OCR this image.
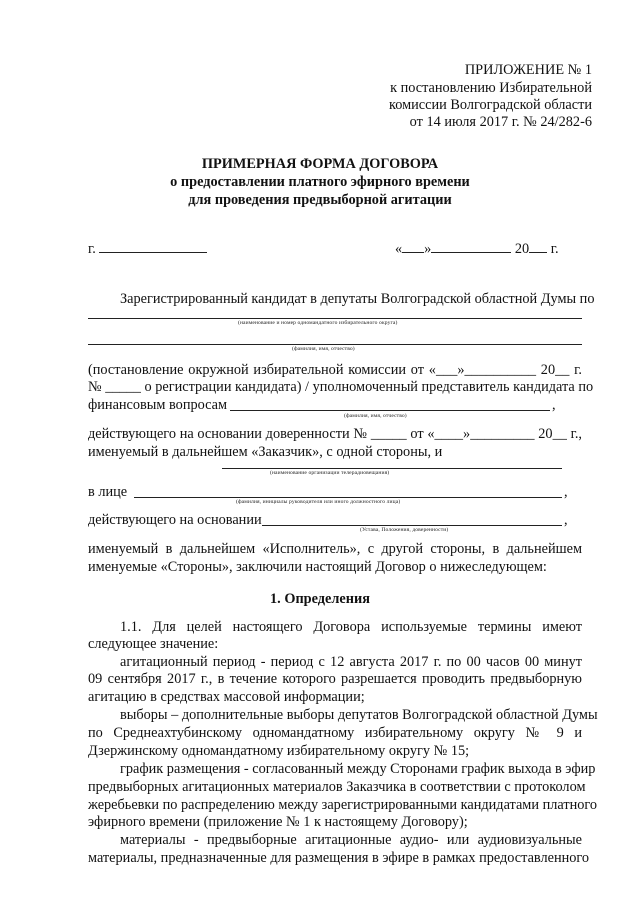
ПРИЛОЖЕНИЕ № 1
к постановлению Избирательной
комиссии Волгоградской области
от 14 июля 2017 г. № 24/282-6
ПРИМЕРНАЯ ФОРМА ДОГОВОРА
о предоставлении платного эфирного времени
для проведения предвыборной агитации
г.	« »	20 г.
Зарегистрированный кандидат в депутаты Волгоградской областной Думы по
(наименование и номер одномандатного избирательного округа)
(фамилия, имя, отчество)
(постановление окружной избирательной комиссии от «___»__________ 20__ г.
№ _____ о регистрации кандидата) / уполномоченный представитель кандидата по
финансовым вопросам	,
(фамилия, имя, отчество)
действующего на основании доверенности № _____ от «____»_________ 20__ г.,
именуемый в дальнейшем «Заказчик», с одной стороны, и
(наименование организации телерадиовещания)
в лице	,
(фамилия, инициалы руководителя или иного должностного лица)
действующего на основании	,
(Устава, Положения, доверенности)
именуемый в дальнейшем «Исполнитель», с другой стороны, в дальнейшем
именуемые «Стороны», заключили настоящий Договор о нижеследующем:
1. Определения
1.1. Для целей настоящего Договора используемые термины имеют
следующее значение:
агитационный период - период с 12 августа 2017 г. по 00 часов 00 минут
09 сентября 2017 г., в течение которого разрешается проводить предвыборную
агитацию в средствах массовой информации;
выборы – дополнительные выборы депутатов Волгоградской областной Думы
по Среднеахтубинскому одномандатному избирательному округу № 9 и
Дзержинскому одномандатному избирательному округу № 15;
график размещения - согласованный между Сторонами график выхода в эфир
предвыборных агитационных материалов Заказчика в соответствии с протоколом
жеребьевки по распределению между зарегистрированными кандидатами платного
эфирного времени (приложение № 1 к настоящему Договору);
материалы - предвыборные агитационные аудио- или аудиовизуальные
материалы, предназначенные для размещения в эфире в рамках предоставленного
